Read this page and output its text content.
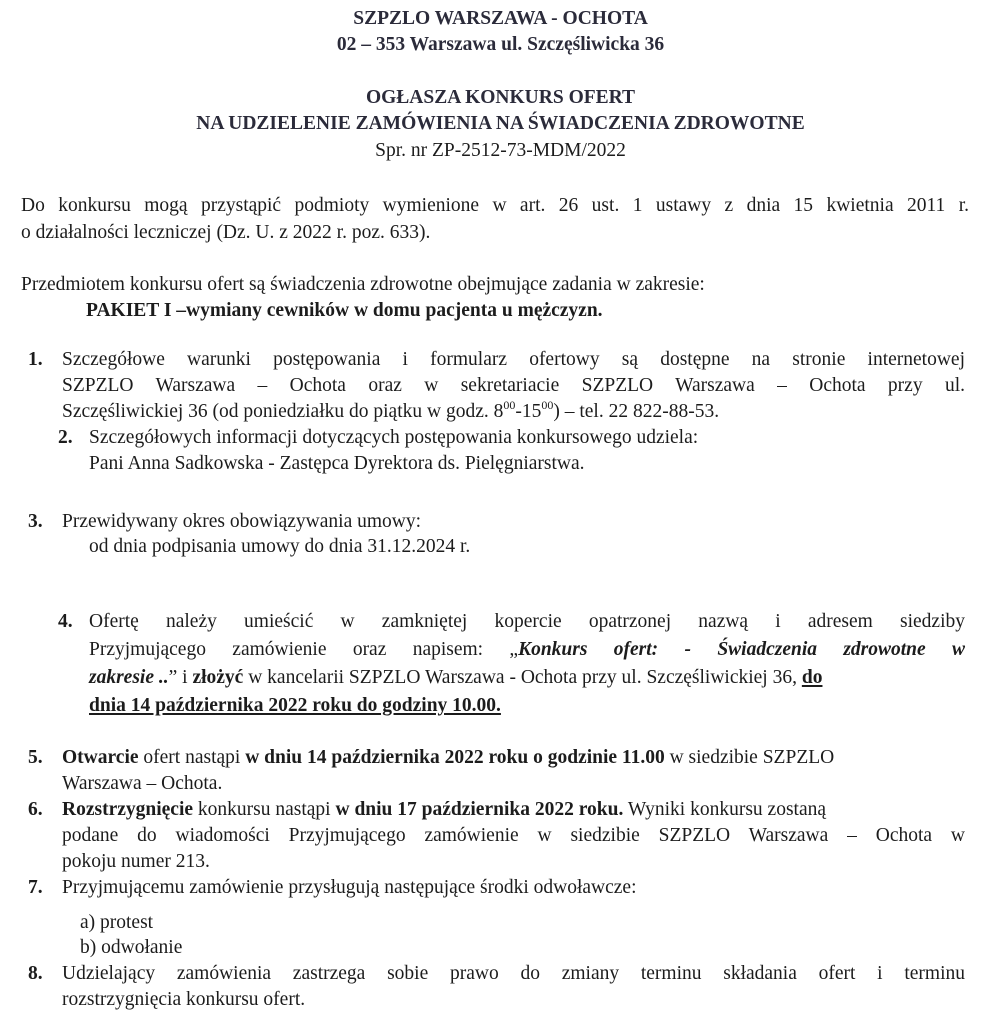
SZPZLO WARSZAWA - OCHOTA
02 – 353 Warszawa ul. Szczęśliwicka 36
OGŁASZA KONKURS OFERT
NA UDZIELENIE ZAMÓWIENIA NA ŚWIADCZENIA ZDROWOTNE
Spr. nr ZP-2512-73-MDM/2022
Do konkursu mogą przystąpić podmioty wymienione w art. 26 ust. 1 ustawy z dnia 15 kwietnia 2011 r.
o działalności leczniczej (Dz. U. z 2022 r. poz. 633).
Przedmiotem konkursu ofert są świadczenia zdrowotne obejmujące zadania w zakresie:
PAKIET I –wymiany cewników w domu pacjenta u mężczyzn.
1. Szczegółowe warunki postępowania i formularz ofertowy są dostępne na stronie internetowej
SZPZLO Warszawa – Ochota oraz w sekretariacie SZPZLO Warszawa – Ochota przy ul.
Szczęśliwickiej 36 (od poniedziałku do piątku w godz. $8^{00}-15^{00}$) – tel. 22 822-88-53.
2. Szczegółowych informacji dotyczących postępowania konkursowego udziela:
Pani Anna Sadkowska - Zastępca Dyrektora ds. Pielęgniarstwa.
3. Przewidywany okres obowiązywania umowy:
od dnia podpisania umowy do dnia 31.12.2024 r.
4. Ofertę należy umieścić w zamkniętej kopercie opatrzonej nazwą i adresem siedziby
Przyjmującego zamówienie oraz napisem: „Konkurs ofert: - Świadczenia zdrowotne w
zakresie ..” i złożyć w kancelarii SZPZLO Warszawa - Ochota przy ul. Szczęśliwickiej 36, do
dnia 14 października 2022 roku do godziny 10.00.
5. Otwarcie ofert nastąpi w dniu 14 października 2022 roku o godzinie 11.00 w siedzibie SZPZLO
Warszawa – Ochota.
6. Rozstrzygnięcie konkursu nastąpi w dniu 17 października 2022 roku. Wyniki konkursu zostaną
podane do wiadomości Przyjmującego zamówienie w siedzibie SZPZLO Warszawa – Ochota w
pokoju numer 213.
7. Przyjmującemu zamówienie przysługują następujące środki odwoławcze:
a) protest
b) odwołanie
8. Udzielający zamówienia zastrzega sobie prawo do zmiany terminu składania ofert i terminu
rozstrzygnięcia konkursu ofert.
